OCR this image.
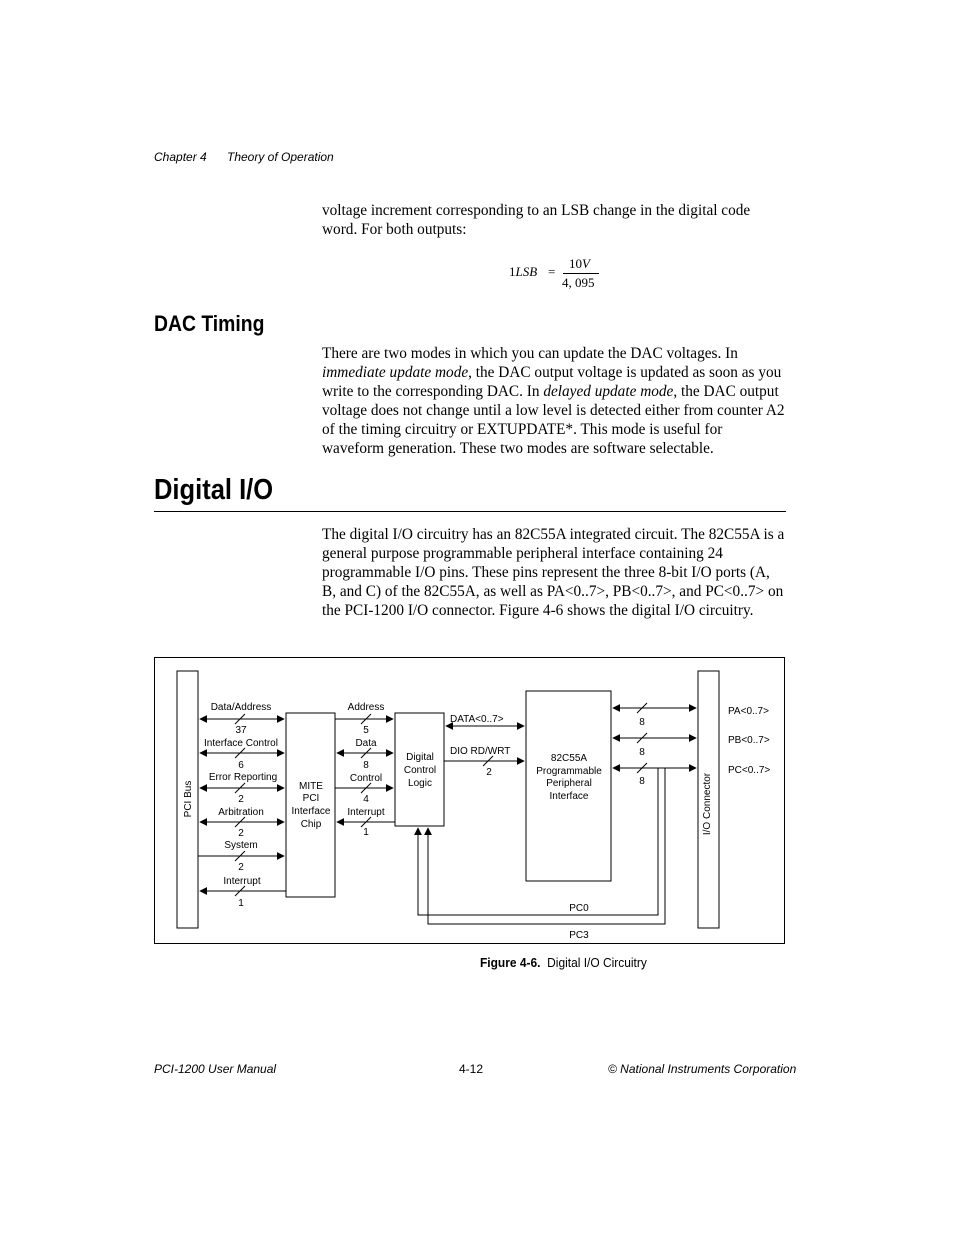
Chapter 4 Theory of Operation
voltage increment corresponding to an LSB change in the digital code word. For both outputs:
1LSB =
10V
4, 095
DAC Timing
There are two modes in which you can update the DAC voltages. In immediate update mode, the DAC output voltage is updated as soon as you write to the corresponding DAC. In delayed update mode, the DAC output voltage does not change until a low level is detected either from counter A2 of the timing circuitry or EXTUPDATE*. This mode is useful for waveform generation. These two modes are software selectable.
Digital I/O
The digital I/O circuitry has an 82C55A integrated circuit. The 82C55A is a general purpose programmable peripheral interface containing 24 programmable I/O pins. These pins represent the three 8-bit I/O ports (A, B, and C) of the 82C55A, as well as PA<0..7>, PB<0..7>, and PC<0..7> on the PCI-1200 I/O connector. Figure 4-6 shows the digital I/O circuitry.
PCI Bus	I/O Connector
MITE
PCI
Interface
Chip
Digital
Control
Logic
82C55A
Programmable
Peripheral
Interface
Data/Address
37
Interface Control
6
Error Reporting
2
Arbitration
2
System
2
Interrupt
1
Address
5
Data
8
Control
4
Interrupt
1
DATA<0..7>
DIO RD/WRT
2
8
8
8
PA<0..7>
PB<0..7>
PC<0..7>
PC0
PC3
Figure 4-6. Digital I/O Circuitry
PCI-1200 User Manual	4-12	© National Instruments Corporation
